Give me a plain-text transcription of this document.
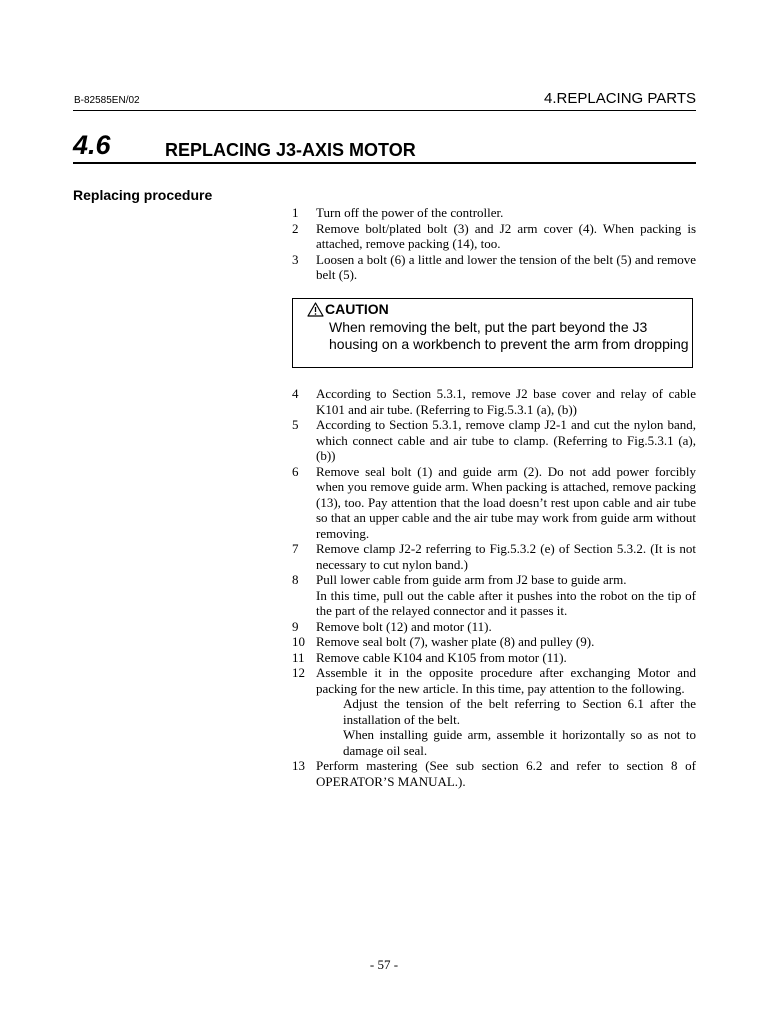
B-82585EN/02	4.REPLACING PARTS
4.6	REPLACING J3-AXIS MOTOR
Replacing procedure
1	Turn off the power of the controller.

2	Remove bolt/plated bolt (3) and J2 arm cover (4). When packing is attached, remove packing (14), too.

3	Loosen a bolt (6) a little and lower the tension of the belt (5) and remove belt (5).

CAUTION
When removing the belt, put the part beyond the J3 housing on a workbench to prevent the arm from dropping
4	According to Section 5.3.1, remove J2 base cover and relay of cable K101 and air tube. (Referring to Fig.5.3.1 (a), (b))

5	According to Section 5.3.1, remove clamp J2-1 and cut the nylon band, which connect cable and air tube to clamp. (Referring to Fig.5.3.1 (a), (b))

6	Remove seal bolt (1) and guide arm (2). Do not add power forcibly when you remove guide arm. When packing is attached, remove packing (13), too. Pay attention that the load doesn’t rest upon cable and air tube so that an upper cable and the air tube may work from guide arm without removing.

7	Remove clamp J2-2 referring to Fig.5.3.2 (e) of Section 5.3.2. (It is not necessary to cut nylon band.)

8	Pull lower cable from guide arm from J2 base to guide arm.

In this time, pull out the cable after it pushes into the robot on the tip of the part of the relayed connector and it passes it.

9	Remove bolt (12) and motor (11).

10 Remove seal bolt (7), washer plate (8) and pulley (9).

11 Remove cable K104 and K105 from motor (11).

12 Assemble it in the opposite procedure after exchanging Motor and packing for the new article. In this time, pay attention to the following.

Adjust the tension of the belt referring to Section 6.1 after the installation of the belt.

When installing guide arm, assemble it horizontally so as not to damage oil seal.

13 Perform mastering (See sub section 6.2 and refer to section 8 of OPERATOR’S MANUAL.).

- 57 -
